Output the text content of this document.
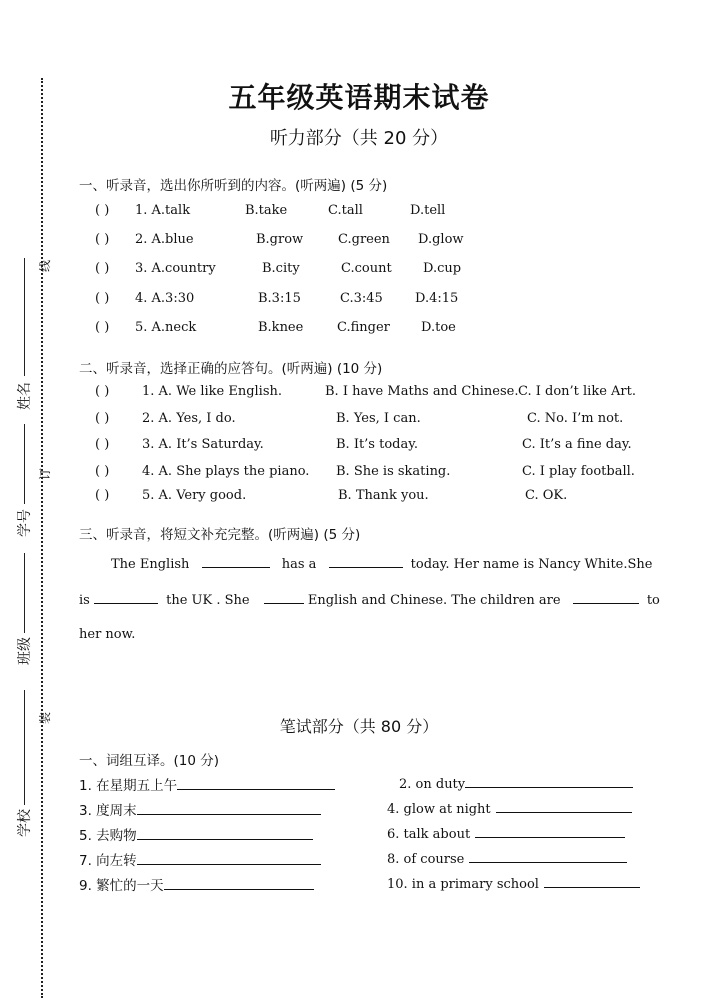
线
订
装
姓名
学号
班级
学校
五年级英语期末试卷
听力部分（共 20 分）
一、听录音，选出你所听到的内容。(听两遍) (5 分)
( ) 1. A.talk	B.take	C.tall	D.tell
( ) 2. A.blue	B.grow	C.green D.glow
( ) 3. A.country	B.city	C.count D.cup
( ) 4. A.3:30	B.3:15	C.3:45 D.4:15
( ) 5. A.neck	B.knee	C.finger D.toe
二、听录音，选择正确的应答句。(听两遍) (10 分)
( )	1. A. We like English.	B. I have Maths and Chinese. C. I don’t like Art.
( )	2. A. Yes, I do.	B. Yes, I can.	C. No. I’m not.
( )	3. A. It’s Saturday.	B. It’s today.	C. It’s a fine day.
( )	4. A. She plays the piano. B. She is skating.	C. I play football.
( )	5. A. Very good.	B. Thank you.	C. OK.
三、听录音，将短文补充完整。(听两遍) (5 分)
The English	has a	today. Her name is Nancy White.She
is	the UK . She	English and Chinese. The children are	to
her now.
笔试部分（共 80 分）
一、词组互译。(10 分)
1. 在星期五上午	2. on duty
3. 度周末	4. glow at night
5. 去购物	6. talk about
7. 向左转	8. of course
9. 繁忙的一天	10. in a primary school
